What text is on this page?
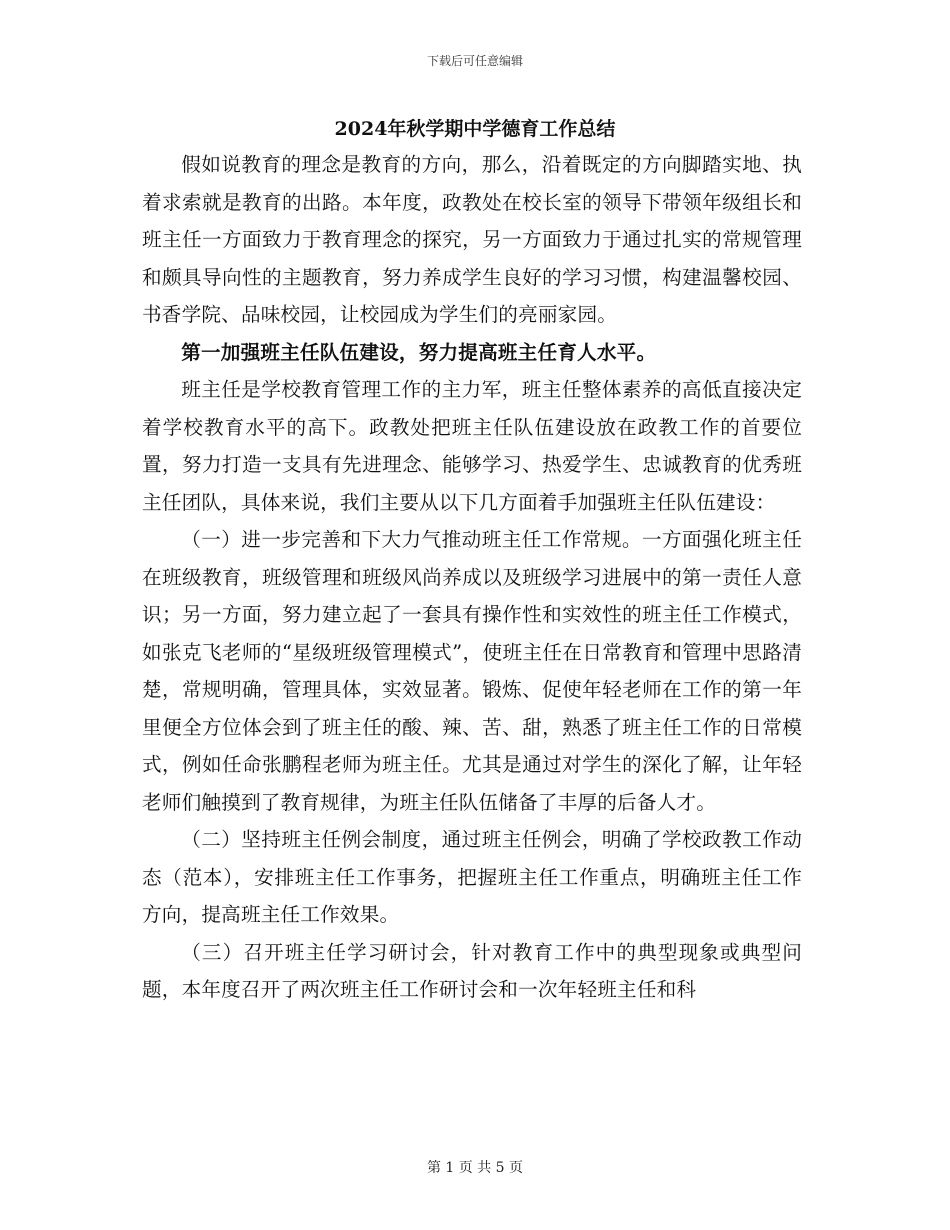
下载后可任意编辑
2024年秋学期中学德育工作总结

假如说教育的理念是教育的方向，那么，沿着既定的方向脚踏实地、执着求索就是教育的出路。本年度，政教处在校长室的领导下带领年级组长和班主任一方面致力于教育理念的探究，另一方面致力于通过扎实的常规管理和颇具导向性的主题教育，努力养成学生良好的学习习惯，构建温馨校园、书香学院、品味校园，让校园成为学生们的亮丽家园。

第一加强班主任队伍建设，努力提高班主任育人水平。

班主任是学校教育管理工作的主力军，班主任整体素养的高低直接决定着学校教育水平的高下。政教处把班主任队伍建设放在政教工作的首要位置，努力打造一支具有先进理念、能够学习、热爱学生、忠诚教育的优秀班主任团队，具体来说，我们主要从以下几方面着手加强班主任队伍建设：

（一）进一步完善和下大力气推动班主任工作常规。一方面强化班主任在班级教育，班级管理和班级风尚养成以及班级学习进展中的第一责任人意识；另一方面，努力建立起了一套具有操作性和实效性的班主任工作模式，如张克飞老师的“星级班级管理模式”，使班主任在日常教育和管理中思路清楚，常规明确，管理具体，实效显著。锻炼、促使年轻老师在工作的第一年里便全方位体会到了班主任的酸、辣、苦、甜，熟悉了班主任工作的日常模式，例如任命张鹏程老师为班主任。尤其是通过对学生的深化了解，让年轻老师们触摸到了教育规律，为班主任队伍储备了丰厚的后备人才。

（二）坚持班主任例会制度，通过班主任例会，明确了学校政教工作动态（范本），安排班主任工作事务，把握班主任工作重点，明确班主任工作方向，提高班主任工作效果。

（三）召开班主任学习研讨会，针对教育工作中的典型现象或典型问题，本年度召开了两次班主任工作研讨会和一次年轻班主任和科

第 1 页 共 5 页
